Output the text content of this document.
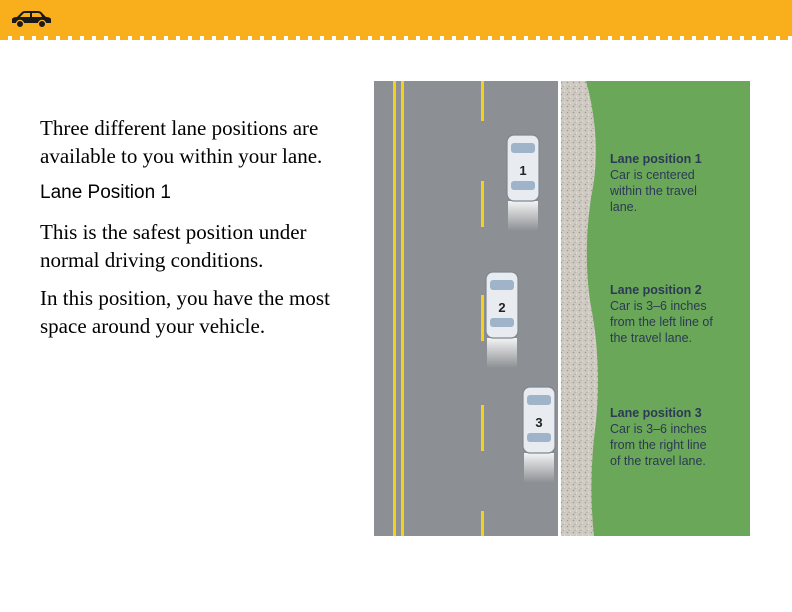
Three different lane positions are available to you within your lane.

Lane Position 1

This is the safest position under normal driving conditions.

In this position, you have the most space around your vehicle.

1
2
3
Lane position 1
Car is centered
within the travel
lane.
Lane position 2
Car is 3–6 inches
from the left line of
the travel lane.
Lane position 3
Car is 3–6 inches
from the right line
of the travel lane.
